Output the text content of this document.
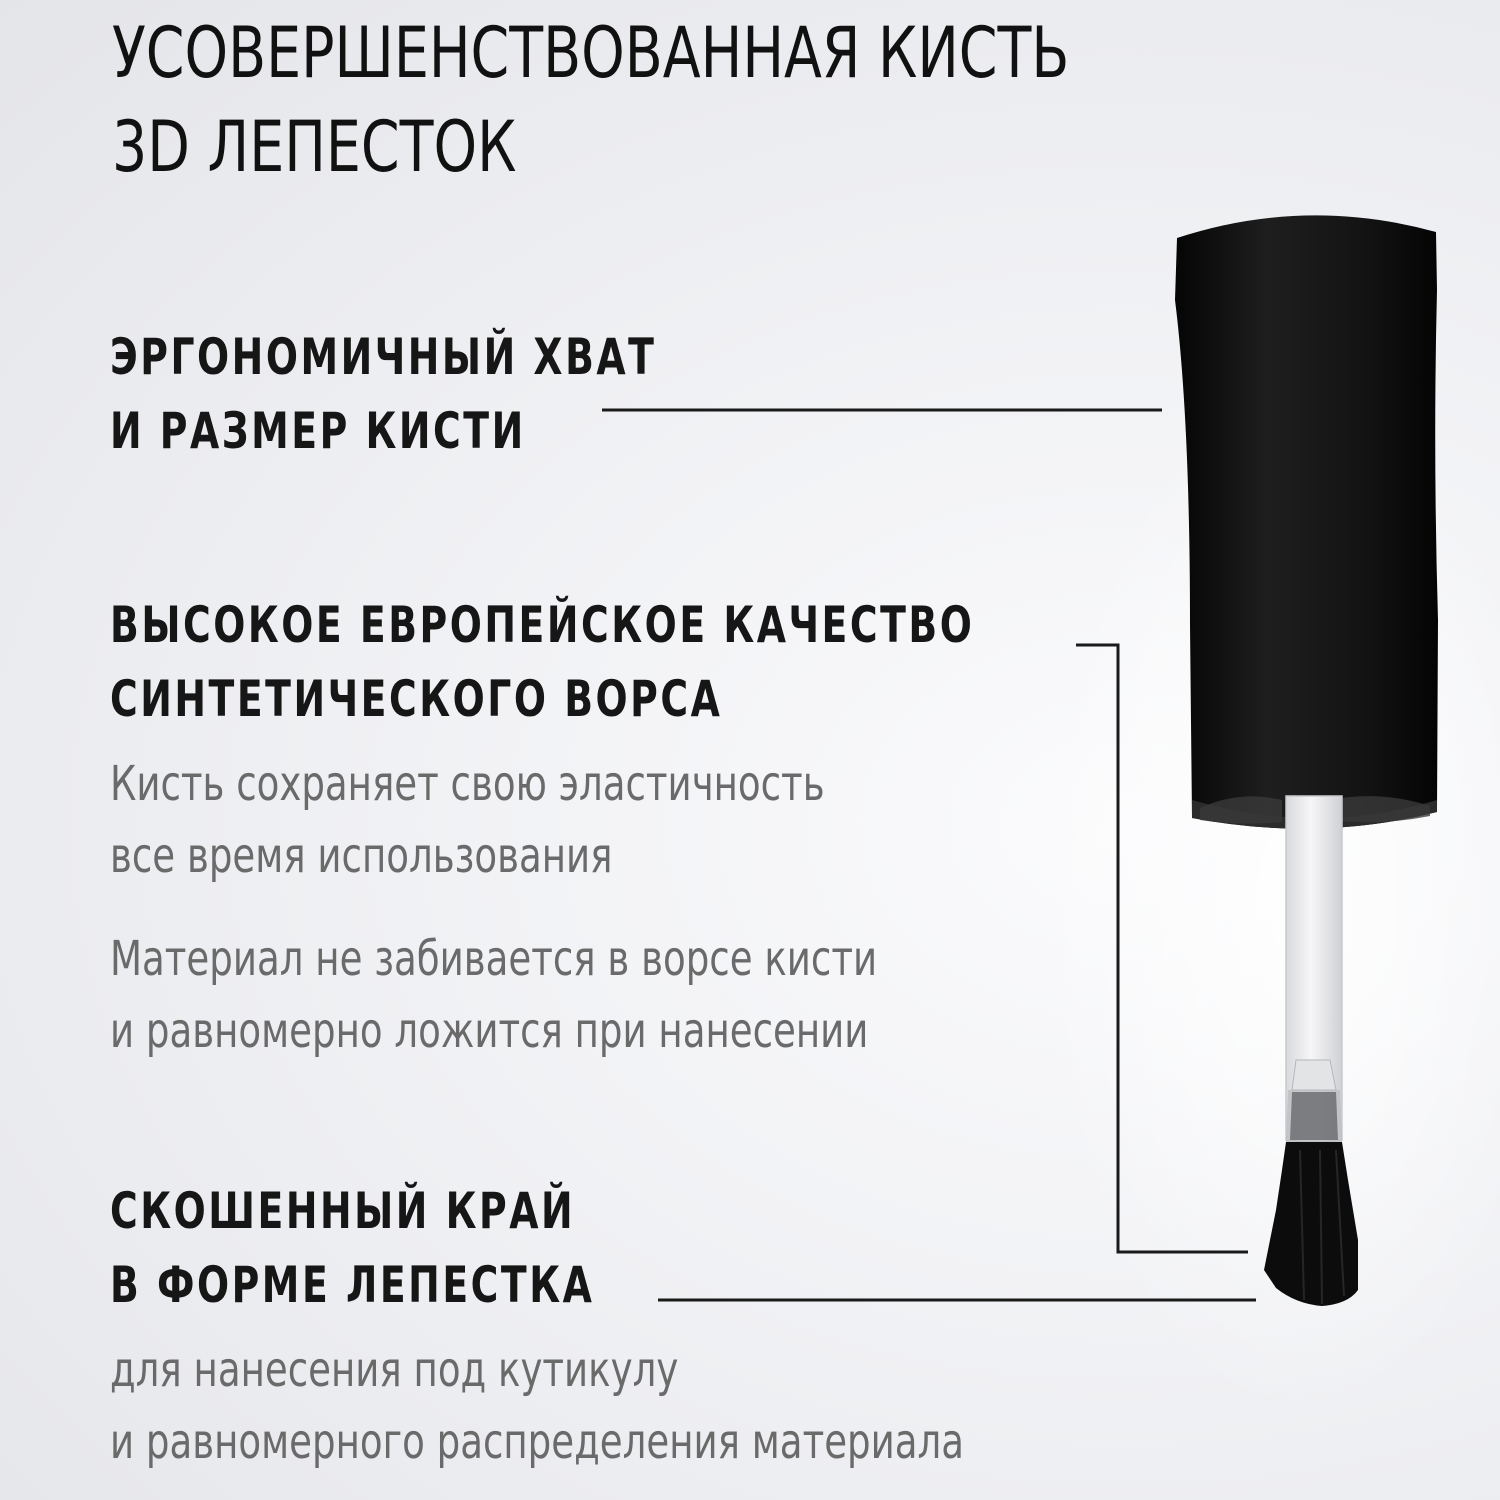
УСОВЕРШЕНСТВОВАННАЯ КИСТЬ
3D ЛЕПЕСТОК
ЭРГОНОМИЧНЫЙ ХВАТ
И РАЗМЕР КИСТИ
ВЫСОКОЕ ЕВРОПЕЙСКОЕ КАЧЕСТВО
СИНТЕТИЧЕСКОГО ВОРСА

Кисть сохраняет свою эластичность

все время использования

Материал не забивается в ворсе кисти

и равномерно ложится при нанесении

СКОШЕННЫЙ КРАЙ
В ФОРМЕ ЛЕПЕСТКА

для нанесения под кутикулу

и равномерного распределения материала
